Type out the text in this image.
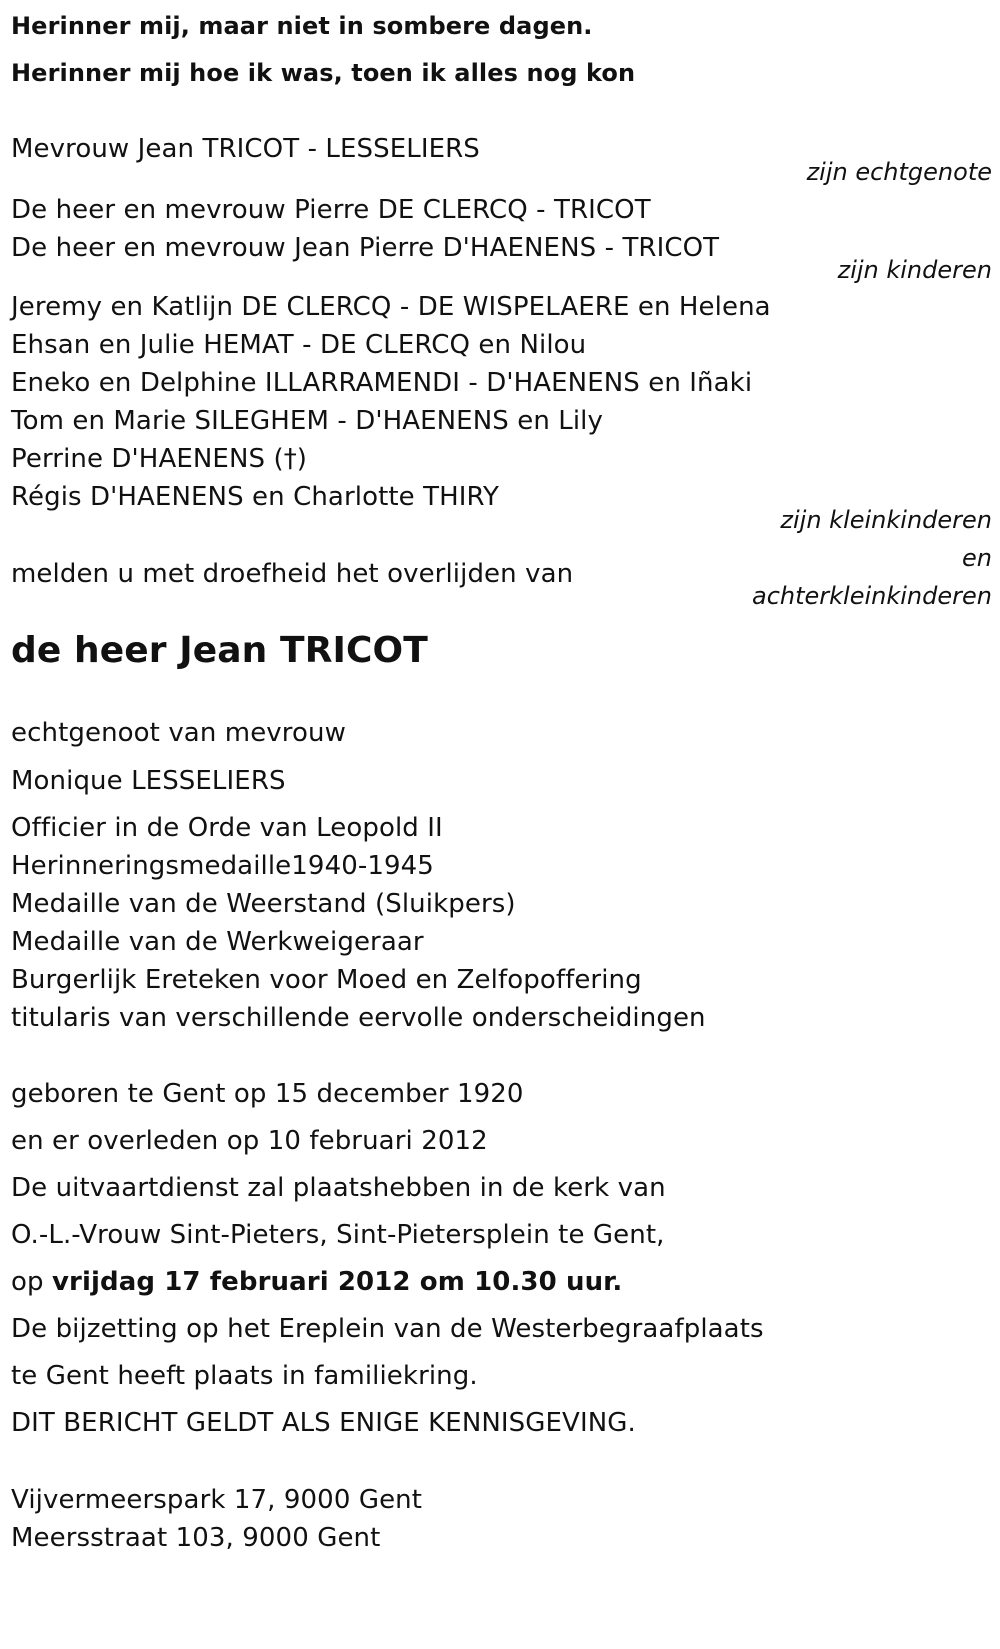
Herinner mij, maar niet in sombere dagen.

Herinner mij hoe ik was, toen ik alles nog kon

Mevrouw Jean TRICOT - LESSELIERS

zijn echtgenote

De heer en mevrouw Pierre DE CLERCQ - TRICOT

De heer en mevrouw Jean Pierre D'HAENENS - TRICOT

zijn kinderen

Jeremy en Katlijn DE CLERCQ - DE WISPELAERE en Helena

Ehsan en Julie HEMAT - DE CLERCQ en Nilou

Eneko en Delphine ILLARRAMENDI - D'HAENENS en Iñaki

Tom en Marie SILEGHEM - D'HAENENS en Lily

Perrine D'HAENENS (†)

Régis D'HAENENS en Charlotte THIRY

zijn kleinkinderen

en

achterkleinkinderen

melden u met droefheid het overlijden van

de heer Jean TRICOT

echtgenoot van mevrouw

Monique LESSELIERS

Officier in de Orde van Leopold II

Herinneringsmedaille1940-1945

Medaille van de Weerstand (Sluikpers)

Medaille van de Werkweigeraar

Burgerlijk Ereteken voor Moed en Zelfopoffering

titularis van verschillende eervolle onderscheidingen

geboren te Gent op 15 december 1920

en er overleden op 10 februari 2012

De uitvaartdienst zal plaatshebben in de kerk van

O.-L.-Vrouw Sint-Pieters, Sint-Pietersplein te Gent,

op vrijdag 17 februari 2012 om 10.30 uur.

De bijzetting op het Ereplein van de Westerbegraafplaats

te Gent heeft plaats in familiekring.

DIT BERICHT GELDT ALS ENIGE KENNISGEVING.

Vijvermeerspark 17, 9000 Gent

Meersstraat 103, 9000 Gent
